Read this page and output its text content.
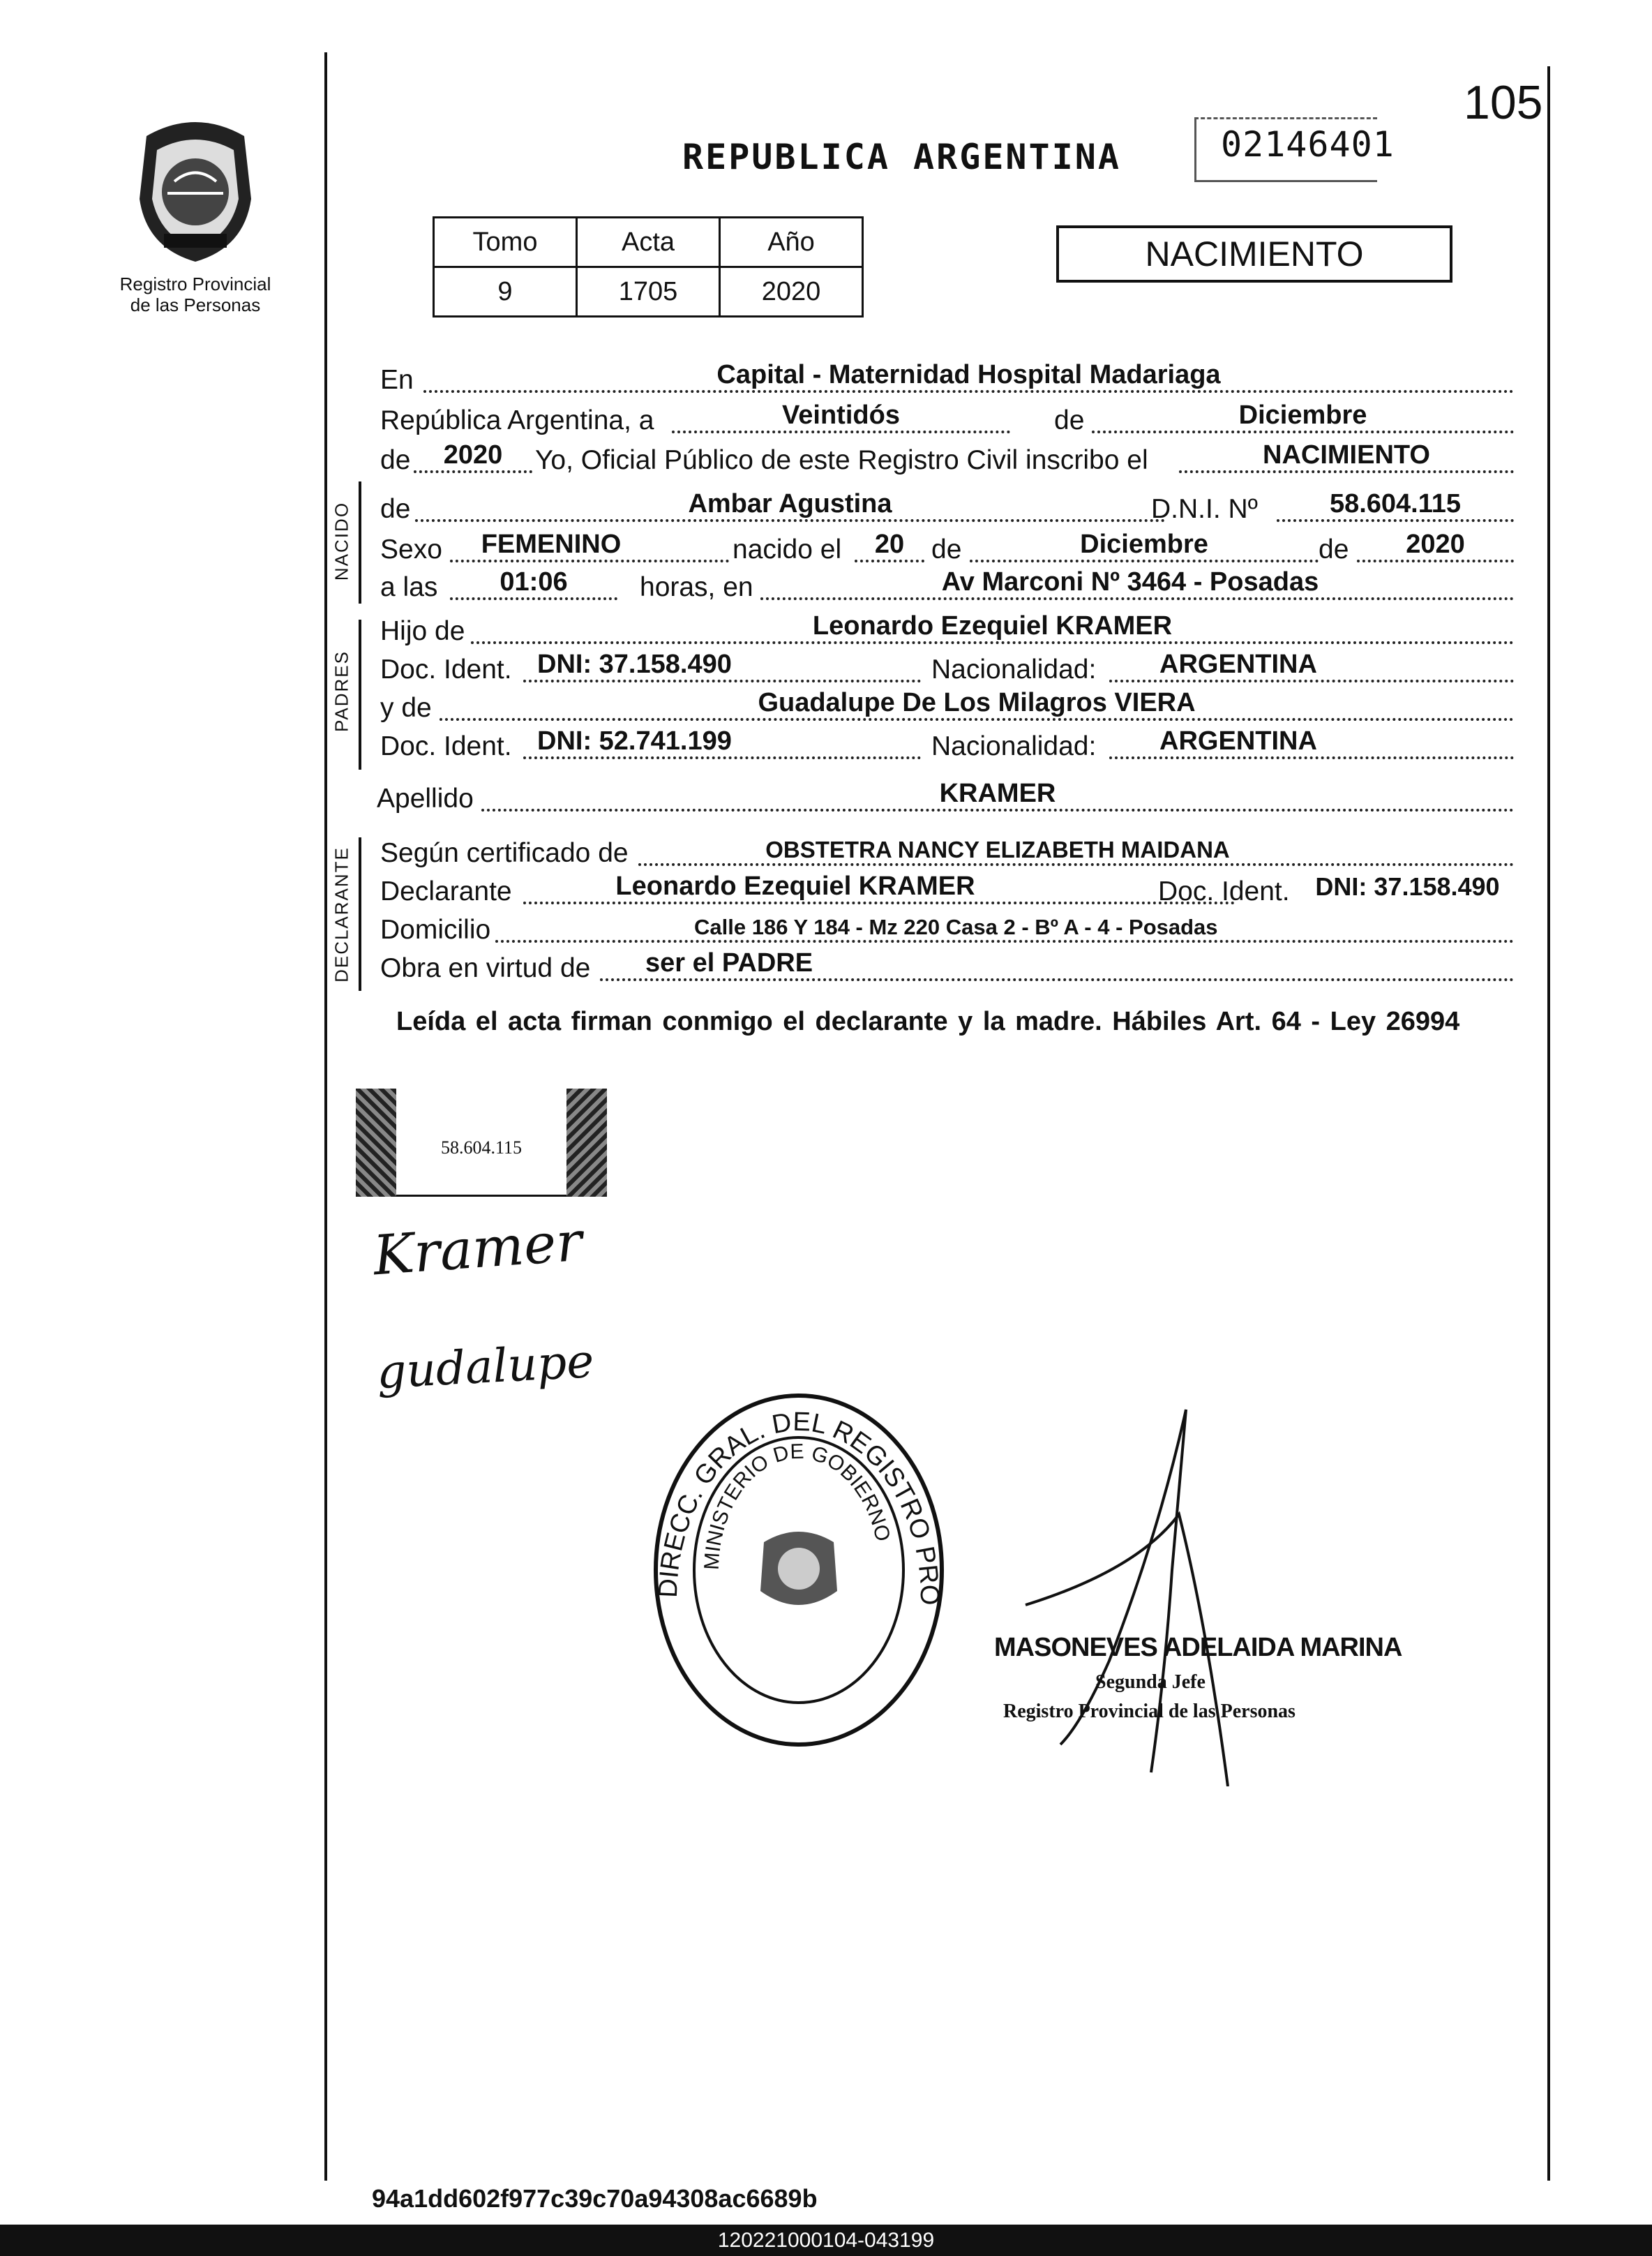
105
Registro Provincial
de las Personas
REPUBLICA ARGENTINA	02146401
Tomo	Acta	Año
9	1705	2020
NACIMIENTO
En	Capital - Maternidad Hospital Madariaga
República Argentina, a	Veintidós	de	Diciembre
de	2020	Yo, Oficial Público de este Registro Civil inscribo el	NACIMIENTO
NACIDO de	Ambar Agustina	D.N.I. Nº	58.604.115
Sexo	FEMENINO	nacido el	20 de	Diciembre	de	2020
a las	01:06	horas, en	Av Marconi Nº 3464 - Posadas
PADRES
Hijo de	Leonardo Ezequiel KRAMER
Doc. Ident. DNI: 37.158.490	Nacionalidad:	ARGENTINA
y de	Guadalupe De Los Milagros VIERA
Doc. Ident. DNI: 52.741.199	Nacionalidad:	ARGENTINA
Apellido	KRAMER
DECLARANTE Según certificado de	OBSTETRA NANCY ELIZABETH MAIDANA
Declarante	Leonardo Ezequiel KRAMER	Doc. Ident.	DNI: 37.158.490
Domicilio	Calle 186 Y 184 - Mz 220 Casa 2 - Bº A - 4 - Posadas
Obra en virtud de ser el PADRE
Leída el acta firman conmigo el declarante y la madre. Hábiles Art. 64 - Ley 26994
58.604.115
Kramer
gudalupe
DIRECC. GRAL. DEL REGISTRO PRO
MINISTERIO DE GOBIERNO
MASONEVES ADELAIDA MARINA
Segunda Jefe
Registro Provincial de las Personas
94a1dd602f977c39c70a94308ac6689b
120221000104-043199
